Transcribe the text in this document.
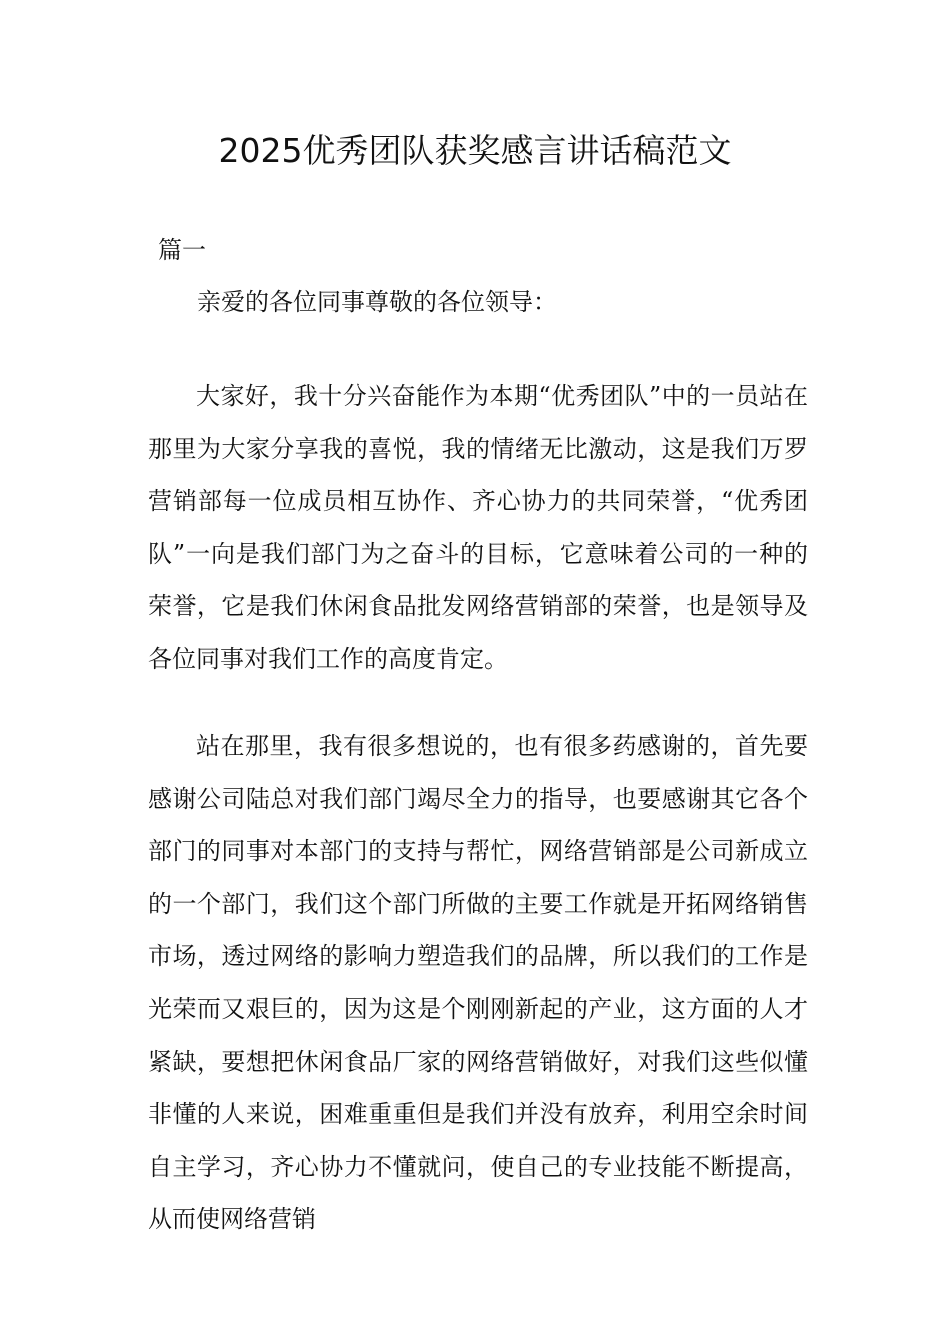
2025优秀团队获奖感言讲话稿范文
篇一
亲爱的各位同事尊敬的各位领导：

大家好，我十分兴奋能作为本期“优秀团队”中的一员站在那里为大家分享我的喜悦，我的情绪无比激动，这是我们万罗营销部每一位成员相互协作、齐心协力的共同荣誉，“优秀团队”一向是我们部门为之奋斗的目标，它意味着公司的一种的荣誉，它是我们休闲食品批发网络营销部的荣誉，也是领导及各位同事对我们工作的高度肯定。

站在那里，我有很多想说的，也有很多药感谢的，首先要感谢公司陆总对我们部门竭尽全力的指导，也要感谢其它各个部门的同事对本部门的支持与帮忙，网络营销部是公司新成立的一个部门，我们这个部门所做的主要工作就是开拓网络销售市场，透过网络的影响力塑造我们的品牌，所以我们的工作是光荣而又艰巨的，因为这是个刚刚新起的产业，这方面的人才紧缺，要想把休闲食品厂家的网络营销做好，对我们这些似懂非懂的人来说，困难重重但是我们并没有放弃，利用空余时间自主学习，齐心协力不懂就问，使自己的专业技能不断提高，从而使网络营销
